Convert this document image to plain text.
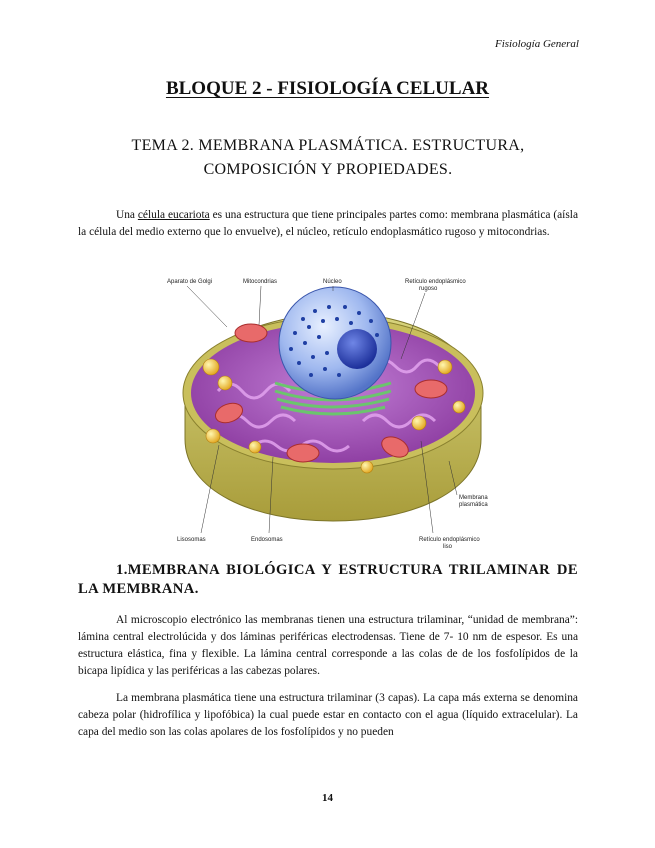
Fisiología General
BLOQUE 2 - FISIOLOGÍA CELULAR
TEMA 2. MEMBRANA PLASMÁTICA. ESTRUCTURA,
COMPOSICIÓN Y PROPIEDADES.

Una célula eucariota es una estructura que tiene principales partes como: membrana plasmática (aísla la célula del medio externo que lo envuelve), el núcleo, retículo endoplasmático rugoso y mitocondrias.

Aparato de Golgi	Mitocondrias	Núcleo	Retículo endoplásmico
rugoso
Membrana
plasmática
Lisosomas	Endosomas	Retículo endoplásmico
liso

1.MEMBRANA BIOLÓGICA Y ESTRUCTURA TRILAMINAR DE LA MEMBRANA.

Al microscopio electrónico las membranas tienen una estructura trilaminar, “unidad de membrana”: lámina central electrolúcida y dos láminas periféricas electrodensas. Tiene de 7- 10 nm de espesor. Es una estructura elástica, fina y flexible. La lámina central corresponde a las colas de de los fosfolípidos de la bicapa lipídica y las periféricas a las cabezas polares.

La membrana plasmática tiene una estructura trilaminar (3 capas). La capa más externa se denomina cabeza polar (hidrofílica y lipofóbica) la cual puede estar en contacto con el agua (líquido extracelular). La capa del medio son las colas apolares de los fosfolípidos y no pueden

14
